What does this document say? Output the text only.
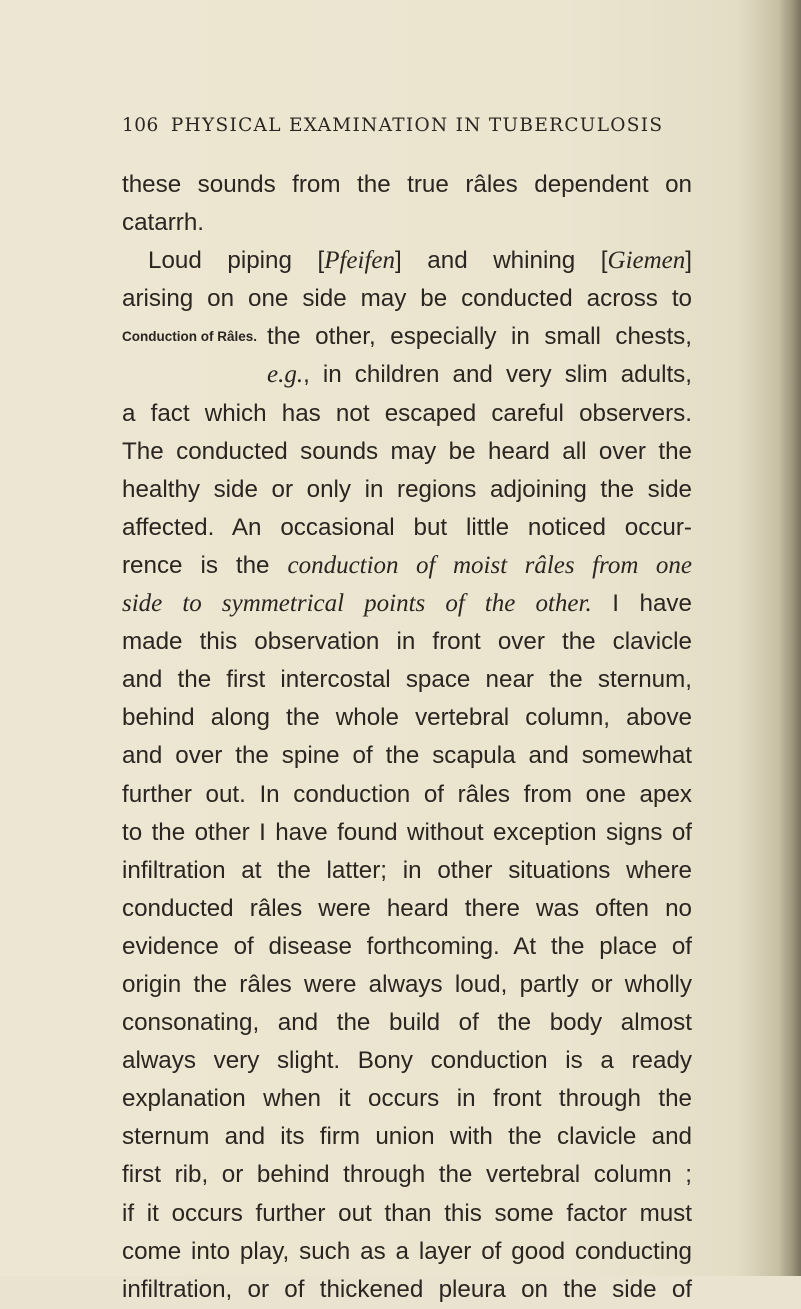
106 PHYSICAL EXAMINATION IN TUBERCULOSIS
Conduction of Râles.
these sounds from the true râles dependent on
catarrh.
Loud piping [Pfeifen] and whining [Giemen]
arising on one side may be conducted across to
the other, especially in small chests,
e.g., in children and very slim adults,
a fact which has not escaped careful observers.
The conducted sounds may be heard all over the
healthy side or only in regions adjoining the side
affected. An occasional but little noticed occur-
rence is the conduction of moist râles from one
side to symmetrical points of the other. I have
made this observation in front over the clavicle
and the first intercostal space near the sternum,
behind along the whole vertebral column, above
and over the spine of the scapula and somewhat
further out. In conduction of râles from one apex
to the other I have found without exception signs of
infiltration at the latter; in other situations where
conducted râles were heard there was often no
evidence of disease forthcoming. At the place of
origin the râles were always loud, partly or wholly
consonating, and the build of the body almost
always very slight. Bony conduction is a ready
explanation when it occurs in front through the
sternum and its firm union with the clavicle and
first rib, or behind through the vertebral column ;
if it occurs further out than this some factor must
come into play, such as a layer of good conducting
infiltration, or of thickened pleura on the side of
